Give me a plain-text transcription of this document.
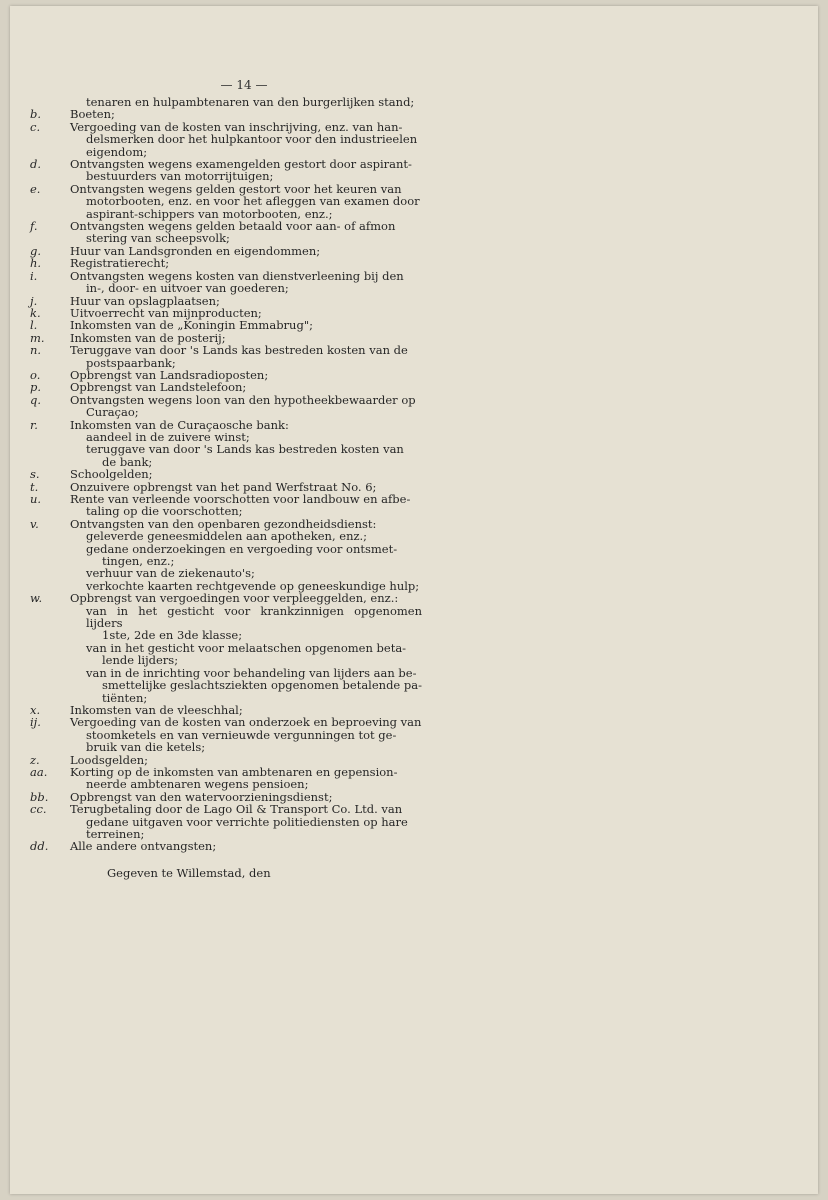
— 14 —
tenaren en hulpambtenaren van den burgerlijken stand;
b.	Boeten;
c.	Vergoeding van de kosten van inschrijving, enz. van han-
delsmerken door het hulpkantoor voor den industrieelen
eigendom;
d.	Ontvangsten wegens examengelden gestort door aspirant-
bestuurders van motorrijtuigen;
e.	Ontvangsten wegens gelden gestort voor het keuren van
motorbooten, enz. en voor het afleggen van examen door
aspirant-schippers van motorbooten, enz.;
f.	Ontvangsten wegens gelden betaald voor aan- of afmon
stering van scheepsvolk;
g.	Huur van Landsgronden en eigendommen;
h.	Registratierecht;
i.	Ontvangsten wegens kosten van dienstverleening bij den
in-, door- en uitvoer van goederen;
j.	Huur van opslagplaatsen;
k.	Uitvoerrecht van mijnproducten;
l.	Inkomsten van de „Koningin Emmabrug";
m.	Inkomsten van de posterij;
n.	Teruggave van door 's Lands kas bestreden kosten van de
postspaarbank;
o.	Opbrengst van Landsradioposten;
p.	Opbrengst van Landstelefoon;
q.	Ontvangsten wegens loon van den hypotheekbewaarder op
Curaçao;
r.	Inkomsten van de Curaçaosche bank:
aandeel in de zuivere winst;
teruggave van door 's Lands kas bestreden kosten van
de bank;
s.	Schoolgelden;
t.	Onzuivere opbrengst van het pand Werfstraat No. 6;
u.	Rente van verleende voorschotten voor landbouw en afbe-
taling op die voorschotten;
v.	Ontvangsten van den openbaren gezondheidsdienst:
geleverde geneesmiddelen aan apotheken, enz.;
gedane onderzoekingen en vergoeding voor ontsmet-
tingen, enz.;
verhuur van de ziekenauto's;
verkochte kaarten rechtgevende op geneeskundige hulp;
w.	Opbrengst van vergoedingen voor verpleeggelden, enz.:
van in het gesticht voor krankzinnigen opgenomen lijders
1ste, 2de en 3de klasse;
van in het gesticht voor melaatschen opgenomen beta-
lende lijders;
van in de inrichting voor behandeling van lijders aan be-
smettelijke geslachtsziekten opgenomen betalende pa-
tiënten;
x.	Inkomsten van de vleeschhal;
ij.	Vergoeding van de kosten van onderzoek en beproeving van
stoomketels en van vernieuwde vergunningen tot ge-
bruik van die ketels;
z.	Loodsgelden;
aa.	Korting op de inkomsten van ambtenaren en gepension-
neerde ambtenaren wegens pensioen;
bb.	Opbrengst van den watervoorzieningsdienst;
cc.	Terugbetaling door de Lago Oil & Transport Co. Ltd. van
gedane uitgaven voor verrichte politiediensten op hare
terreinen;
dd.	Alle andere ontvangsten;
Gegeven te Willemstad, den
